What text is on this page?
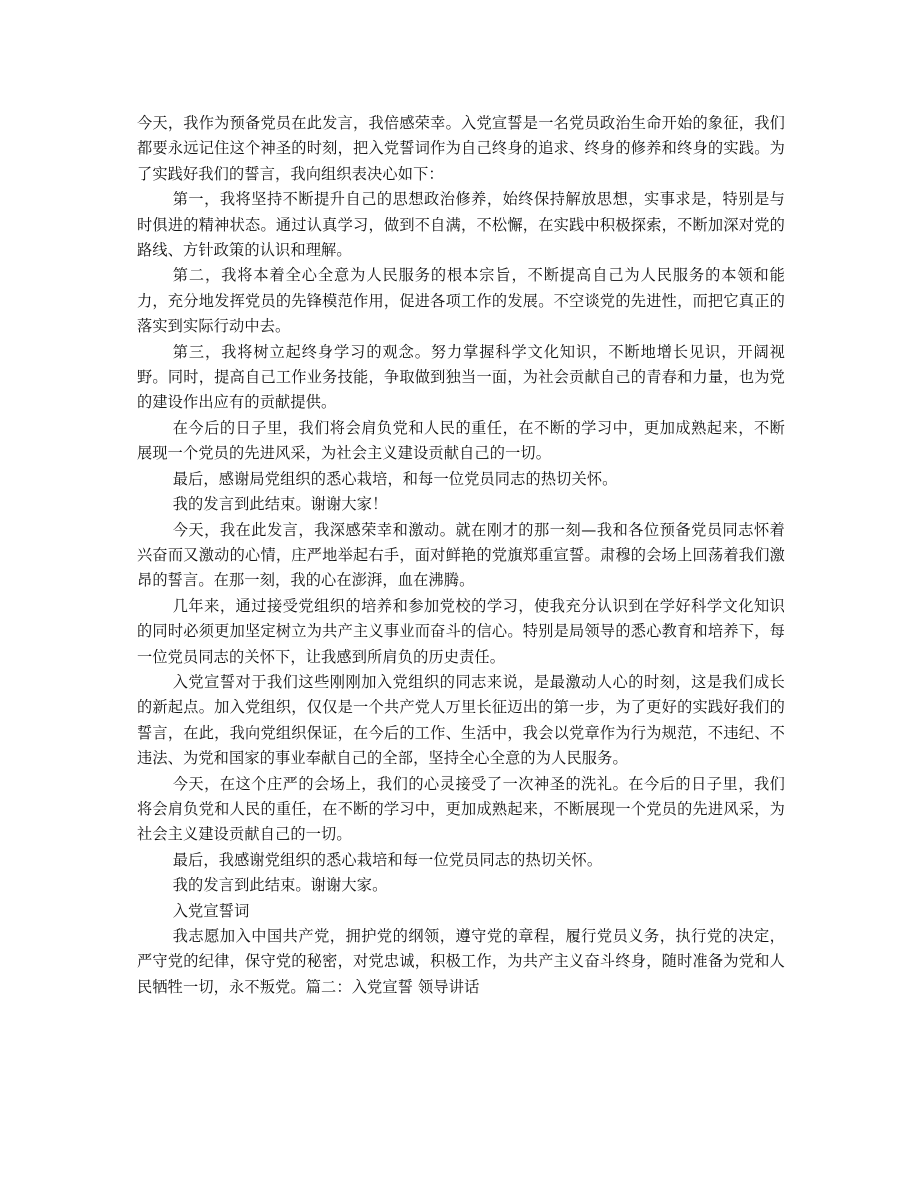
今天，我作为预备党员在此发言，我倍感荣幸。入党宣誓是一名党员政治生命开始的象征，我们都要永远记住这个神圣的时刻，把入党誓词作为自己终身的追求、终身的修养和终身的实践。为了实践好我们的誓言，我向组织表决心如下：

第一，我将坚持不断提升自己的思想政治修养，始终保持解放思想，实事求是，特别是与时俱进的精神状态。通过认真学习，做到不自满，不松懈，在实践中积极探索，不断加深对党的路线、方针政策的认识和理解。

第二，我将本着全心全意为人民服务的根本宗旨，不断提高自己为人民服务的本领和能力，充分地发挥党员的先锋模范作用，促进各项工作的发展。不空谈党的先进性，而把它真正的落实到实际行动中去。

第三，我将树立起终身学习的观念。努力掌握科学文化知识，不断地增长见识，开阔视野。同时，提高自己工作业务技能，争取做到独当一面，为社会贡献自己的青春和力量，也为党的建设作出应有的贡献提供。

在今后的日子里，我们将会肩负党和人民的重任，在不断的学习中，更加成熟起来，不断展现一个党员的先进风采，为社会主义建设贡献自己的一切。

最后，感谢局党组织的悉心栽培，和每一位党员同志的热切关怀。

我的发言到此结束。谢谢大家！

今天，我在此发言，我深感荣幸和激动。就在刚才的那一刻—我和各位预备党员同志怀着兴奋而又激动的心情，庄严地举起右手，面对鲜艳的党旗郑重宣誓。肃穆的会场上回荡着我们激昂的誓言。在那一刻，我的心在澎湃，血在沸腾。

几年来，通过接受党组织的培养和参加党校的学习，使我充分认识到在学好科学文化知识的同时必须更加坚定树立为共产主义事业而奋斗的信心。特别是局领导的悉心教育和培养下，每一位党员同志的关怀下，让我感到所肩负的历史责任。

入党宣誓对于我们这些刚刚加入党组织的同志来说，是最激动人心的时刻，这是我们成长的新起点。加入党组织，仅仅是一个共产党人万里长征迈出的第一步，为了更好的实践好我们的誓言，在此，我向党组织保证，在今后的工作、生活中，我会以党章作为行为规范，不违纪、不违法、为党和国家的事业奉献自己的全部，坚持全心全意的为人民服务。

今天，在这个庄严的会场上，我们的心灵接受了一次神圣的洗礼。在今后的日子里，我们将会肩负党和人民的重任，在不断的学习中，更加成熟起来，不断展现一个党员的先进风采，为社会主义建设贡献自己的一切。

最后，我感谢党组织的悉心栽培和每一位党员同志的热切关怀。

我的发言到此结束。谢谢大家。

入党宣誓词

我志愿加入中国共产党，拥护党的纲领，遵守党的章程，履行党员义务，执行党的决定，严守党的纪律，保守党的秘密，对党忠诚，积极工作，为共产主义奋斗终身，随时准备为党和人民牺牲一切，永不叛党。篇二：入党宣誓 领导讲话
